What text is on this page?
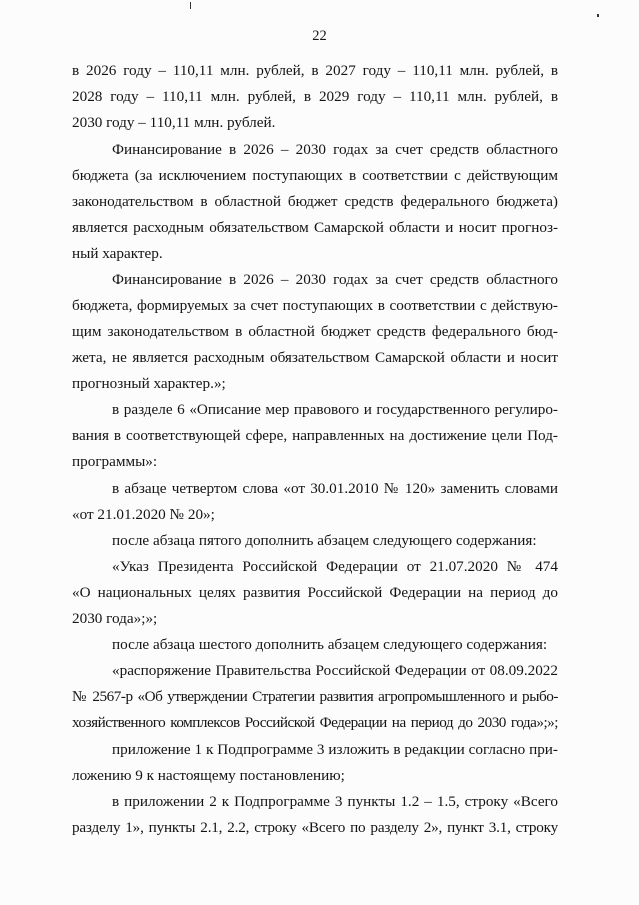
22
в 2026 году – 110,11 млн. рублей, в 2027 году – 110,11 млн. рублей, в
2028 году – 110,11 млн. рублей, в 2029 году – 110,11 млн. рублей, в
2030 году – 110,11 млн. рублей.
Финансирование в 2026 – 2030 годах за счет средств областного
бюджета (за исключением поступающих в соответствии с действующим
законодательством в областной бюджет средств федерального бюджета)
является расходным обязательством Самарской области и носит прогноз-
ный характер.
Финансирование в 2026 – 2030 годах за счет средств областного
бюджета, формируемых за счет поступающих в соответствии с действую-
щим законодательством в областной бюджет средств федерального бюд-
жета, не является расходным обязательством Самарской области и носит
прогнозный характер.»;
в разделе 6 «Описание мер правового и государственного регулиро-
вания в соответствующей сфере, направленных на достижение цели Под-
программы»:
в абзаце четвертом слова «от 30.01.2010 № 120» заменить словами
«от 21.01.2020 № 20»;
после абзаца пятого дополнить абзацем следующего содержания:
«Указ Президента Российской Федерации от 21.07.2020 № 474
«О национальных целях развития Российской Федерации на период до
2030 года»;»;
после абзаца шестого дополнить абзацем следующего содержания:
«распоряжение Правительства Российской Федерации от 08.09.2022
№ 2567-р «Об утверждении Стратегии развития агропромышленного и рыбо-
хозяйственного комплексов Российской Федерации на период до 2030 года»;»;
приложение 1 к Подпрограмме 3 изложить в редакции согласно при-
ложению 9 к настоящему постановлению;
в приложении 2 к Подпрограмме 3 пункты 1.2 – 1.5, строку «Всего
разделу 1», пункты 2.1, 2.2, строку «Всего по разделу 2», пункт 3.1, строку
